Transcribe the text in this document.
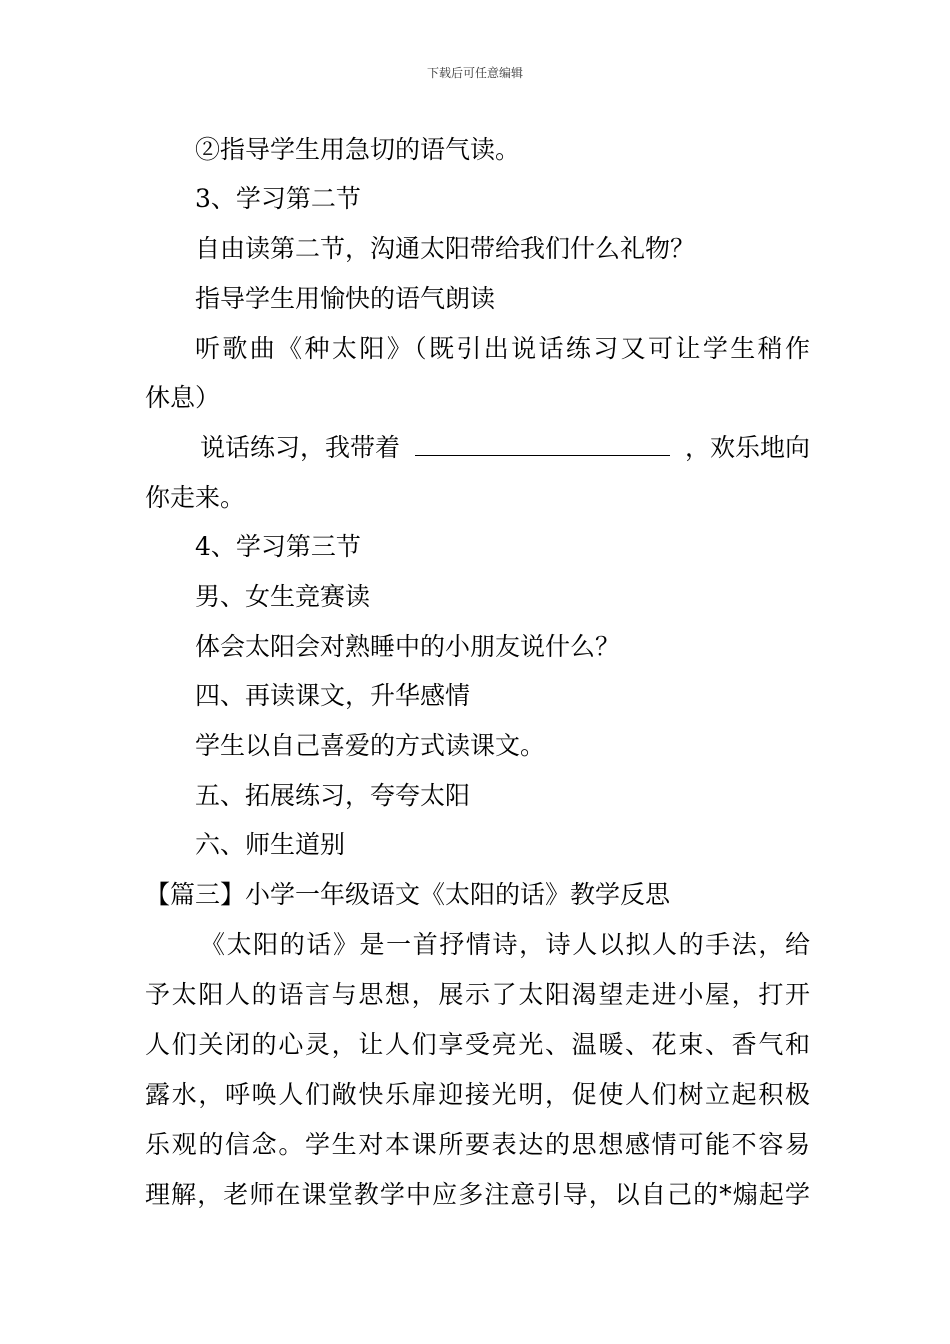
下载后可任意编辑
②指导学生用急切的语气读。
3、学习第二节
自由读第二节，沟通太阳带给我们什么礼物？
指导学生用愉快的语气朗读
听歌曲《种太阳》（既引出说话练习又可让学生稍作
休息）
说话练习，我带着	，欢乐地向
你走来。
4、学习第三节
男、女生竞赛读
体会太阳会对熟睡中的小朋友说什么？
四、再读课文，升华感情
学生以自己喜爱的方式读课文。
五、拓展练习，夸夸太阳
六、师生道别
【篇三】小学一年级语文《太阳的话》教学反思
《太阳的话》是一首抒情诗，诗人以拟人的手法，给
予太阳人的语言与思想，展示了太阳渴望走进小屋，打开
人们关闭的心灵，让人们享受亮光、温暖、花束、香气和
露水，呼唤人们敞快乐扉迎接光明，促使人们树立起积极
乐观的信念。学生对本课所要表达的思想感情可能不容易
理解，老师在课堂教学中应多注意引导，以自己的*煽起学
